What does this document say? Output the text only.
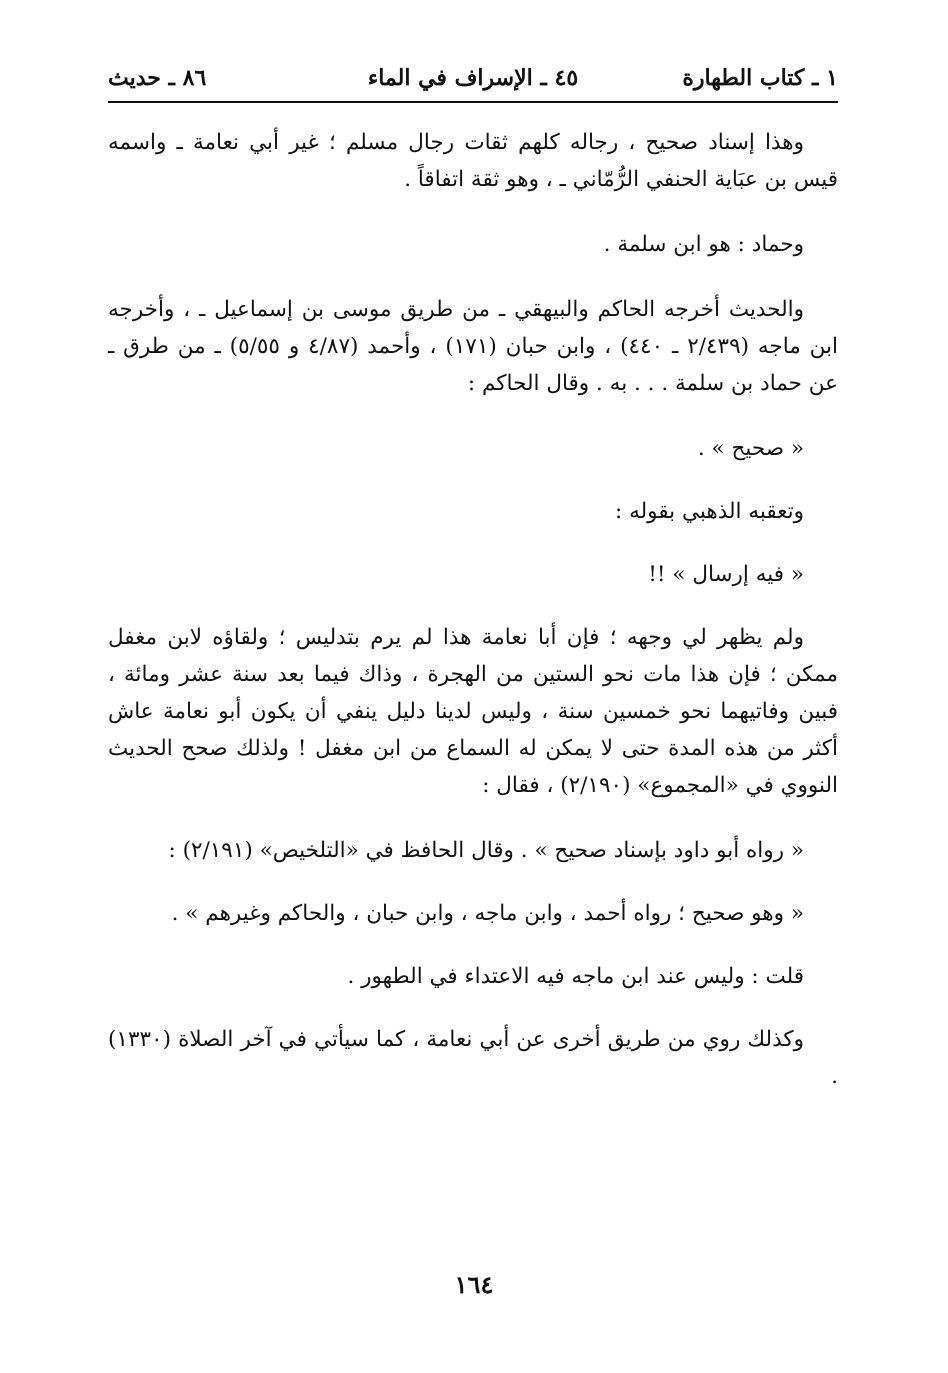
١ ـ كتاب الطهارة
٤٥ ـ الإسراف في الماء
٨٦ ـ حديث

وهذا إسناد صحيح ، رجاله كلهم ثقات رجال مسلم ؛ غير أبي نعامة ـ واسمه قيس بن عبَاية الحنفي الرُّمّاني ـ ، وهو ثقة اتفاقاً .

وحماد : هو ابن سلمة .

والحديث أخرجه الحاكم والبيهقي ـ من طريق موسى بن إسماعيل ـ ، وأخرجه ابن ماجه (٢/٤٣٩ ـ ٤٤٠) ، وابن حبان (١٧١) ، وأحمد (٤/٨٧ و ٥/٥٥) ـ من طرق ـ عن حماد بن سلمة . . . به . وقال الحاكم :

« صحيح » .

وتعقبه الذهبي بقوله :

« فيه إرسال » !!

ولم يظهر لي وجهه ؛ فإن أبا نعامة هذا لم يرم بتدليس ؛ ولقاؤه لابن مغفل ممكن ؛ فإن هذا مات نحو الستين من الهجرة ، وذاك فيما بعد سنة عشر ومائة ، فبين وفاتيهما نحو خمسين سنة ، وليس لدينا دليل ينفي أن يكون أبو نعامة عاش أكثر من هذه المدة حتى لا يمكن له السماع من ابن مغفل ! ولذلك صحح الحديث النووي في «المجموع» (٢/١٩٠) ، فقال :

« رواه أبو داود بإسناد صحيح » . وقال الحافظ في «التلخيص» (٢/١٩١) :

« وهو صحيح ؛ رواه أحمد ، وابن ماجه ، وابن حبان ، والحاكم وغيرهم » .

قلت : وليس عند ابن ماجه فيه الاعتداء في الطهور .

وكذلك روي من طريق أخرى عن أبي نعامة ، كما سيأتي في آخر الصلاة (١٣٣٠) .

١٦٤
